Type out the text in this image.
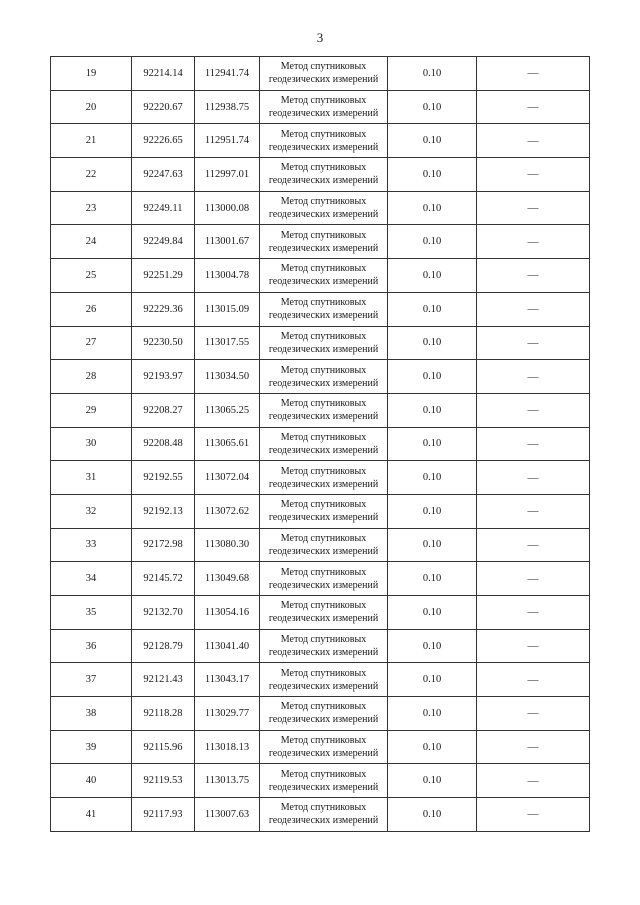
3
19	92214.14	112941.74	Метод спутниковых
геодезических измерений	0.10	—
20	92220.67	112938.75	Метод спутниковых
геодезических измерений	0.10	—
21	92226.65	112951.74	Метод спутниковых
геодезических измерений	0.10	—
22	92247.63	112997.01	Метод спутниковых
геодезических измерений	0.10	—
23	92249.11	113000.08	Метод спутниковых
геодезических измерений	0.10	—
24	92249.84	113001.67	Метод спутниковых
геодезических измерений	0.10	—
25	92251.29	113004.78	Метод спутниковых
геодезических измерений	0.10	—
26	92229.36	113015.09	Метод спутниковых
геодезических измерений	0.10	—
27	92230.50	113017.55	Метод спутниковых
геодезических измерений	0.10	—
28	92193.97	113034.50	Метод спутниковых
геодезических измерений	0.10	—
29	92208.27	113065.25	Метод спутниковых
геодезических измерений	0.10	—
30	92208.48	113065.61	Метод спутниковых
геодезических измерений	0.10	—
31	92192.55	113072.04	Метод спутниковых
геодезических измерений	0.10	—
32	92192.13	113072.62	Метод спутниковых
геодезических измерений	0.10	—
33	92172.98	113080.30	Метод спутниковых
геодезических измерений	0.10	—
34	92145.72	113049.68	Метод спутниковых
геодезических измерений	0.10	—
35	92132.70	113054.16	Метод спутниковых
геодезических измерений	0.10	—
36	92128.79	113041.40	Метод спутниковых
геодезических измерений	0.10	—
37	92121.43	113043.17	Метод спутниковых
геодезических измерений	0.10	—
38	92118.28	113029.77	Метод спутниковых
геодезических измерений	0.10	—
39	92115.96	113018.13	Метод спутниковых
геодезических измерений	0.10	—
40	92119.53	113013.75	Метод спутниковых
геодезических измерений	0.10	—
41	92117.93	113007.63	Метод спутниковых
геодезических измерений	0.10	—
